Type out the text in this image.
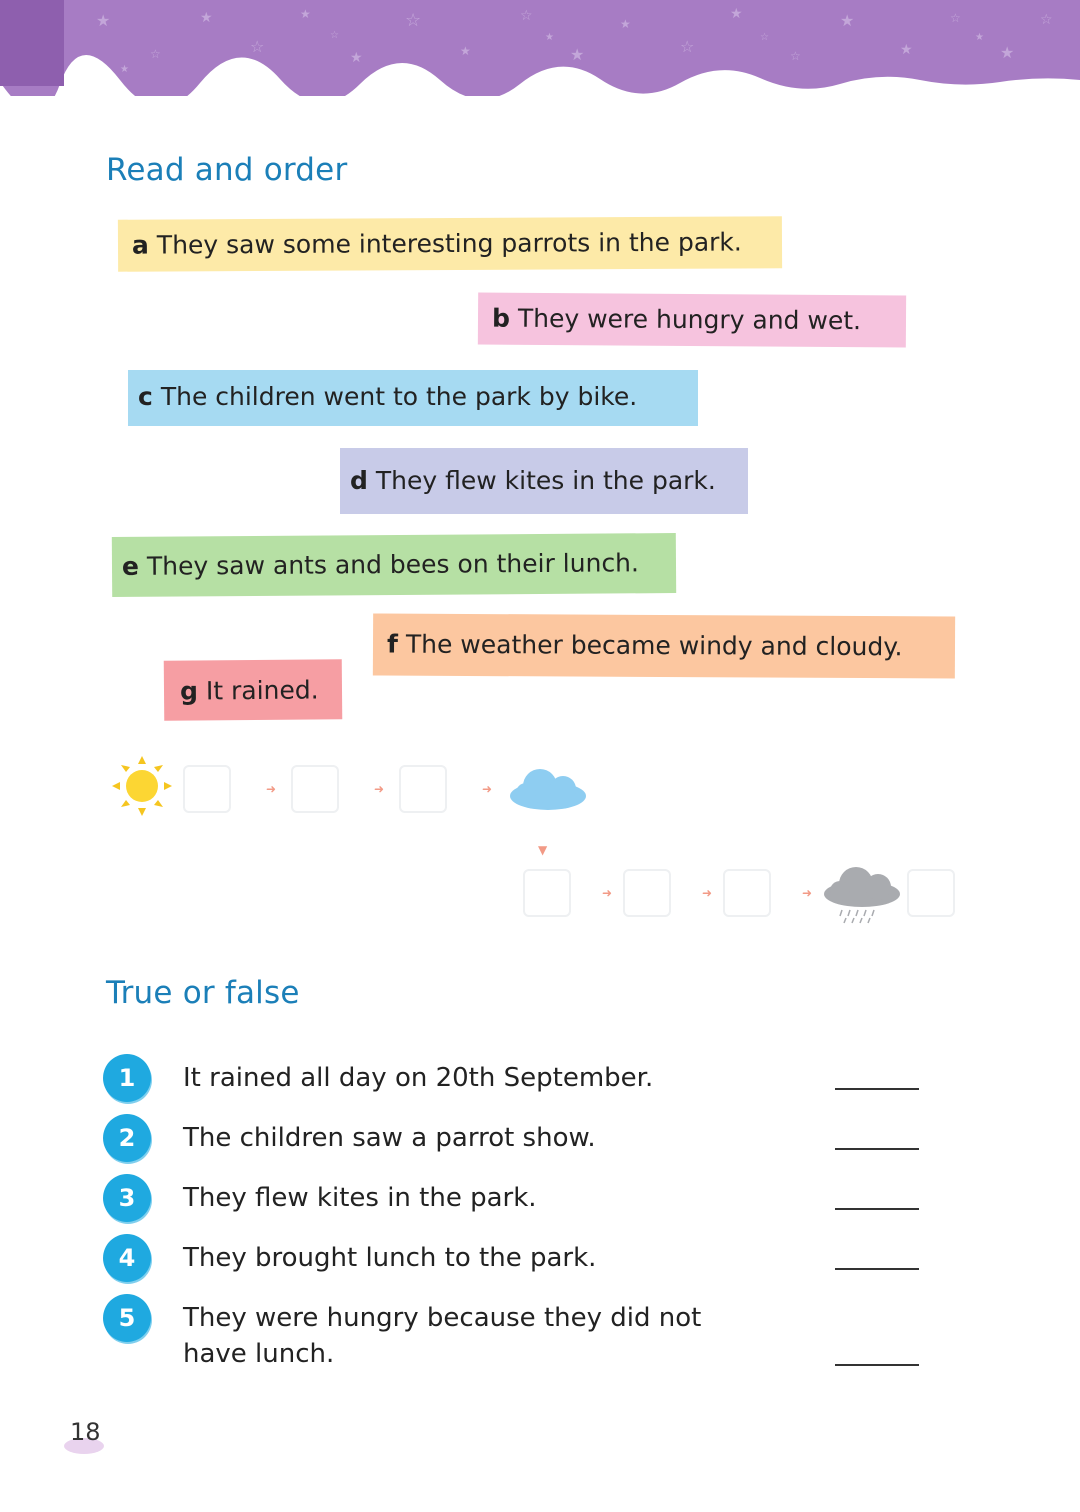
★
☆
★
☆
★
★
☆
★
☆
★
★
☆
★
☆
★
★
☆
★
☆
★
☆	★	☆	★
Read and order
a They saw some interesting parrots in the park.
b They were hungry and wet.
c The children went to the park by bike.
d They flew kites in the park.
e They saw ants and bees on their lunch.
f The weather became windy and cloudy.
g It rained.
➜	➜	➜
▼
➜	➜	➜
True or false
1	It rained all day on 20th September.
2	The children saw a parrot show.
3	They flew kites in the park.
4	They brought lunch to the park.
5	They were hungry because they did not have lunch.
18
